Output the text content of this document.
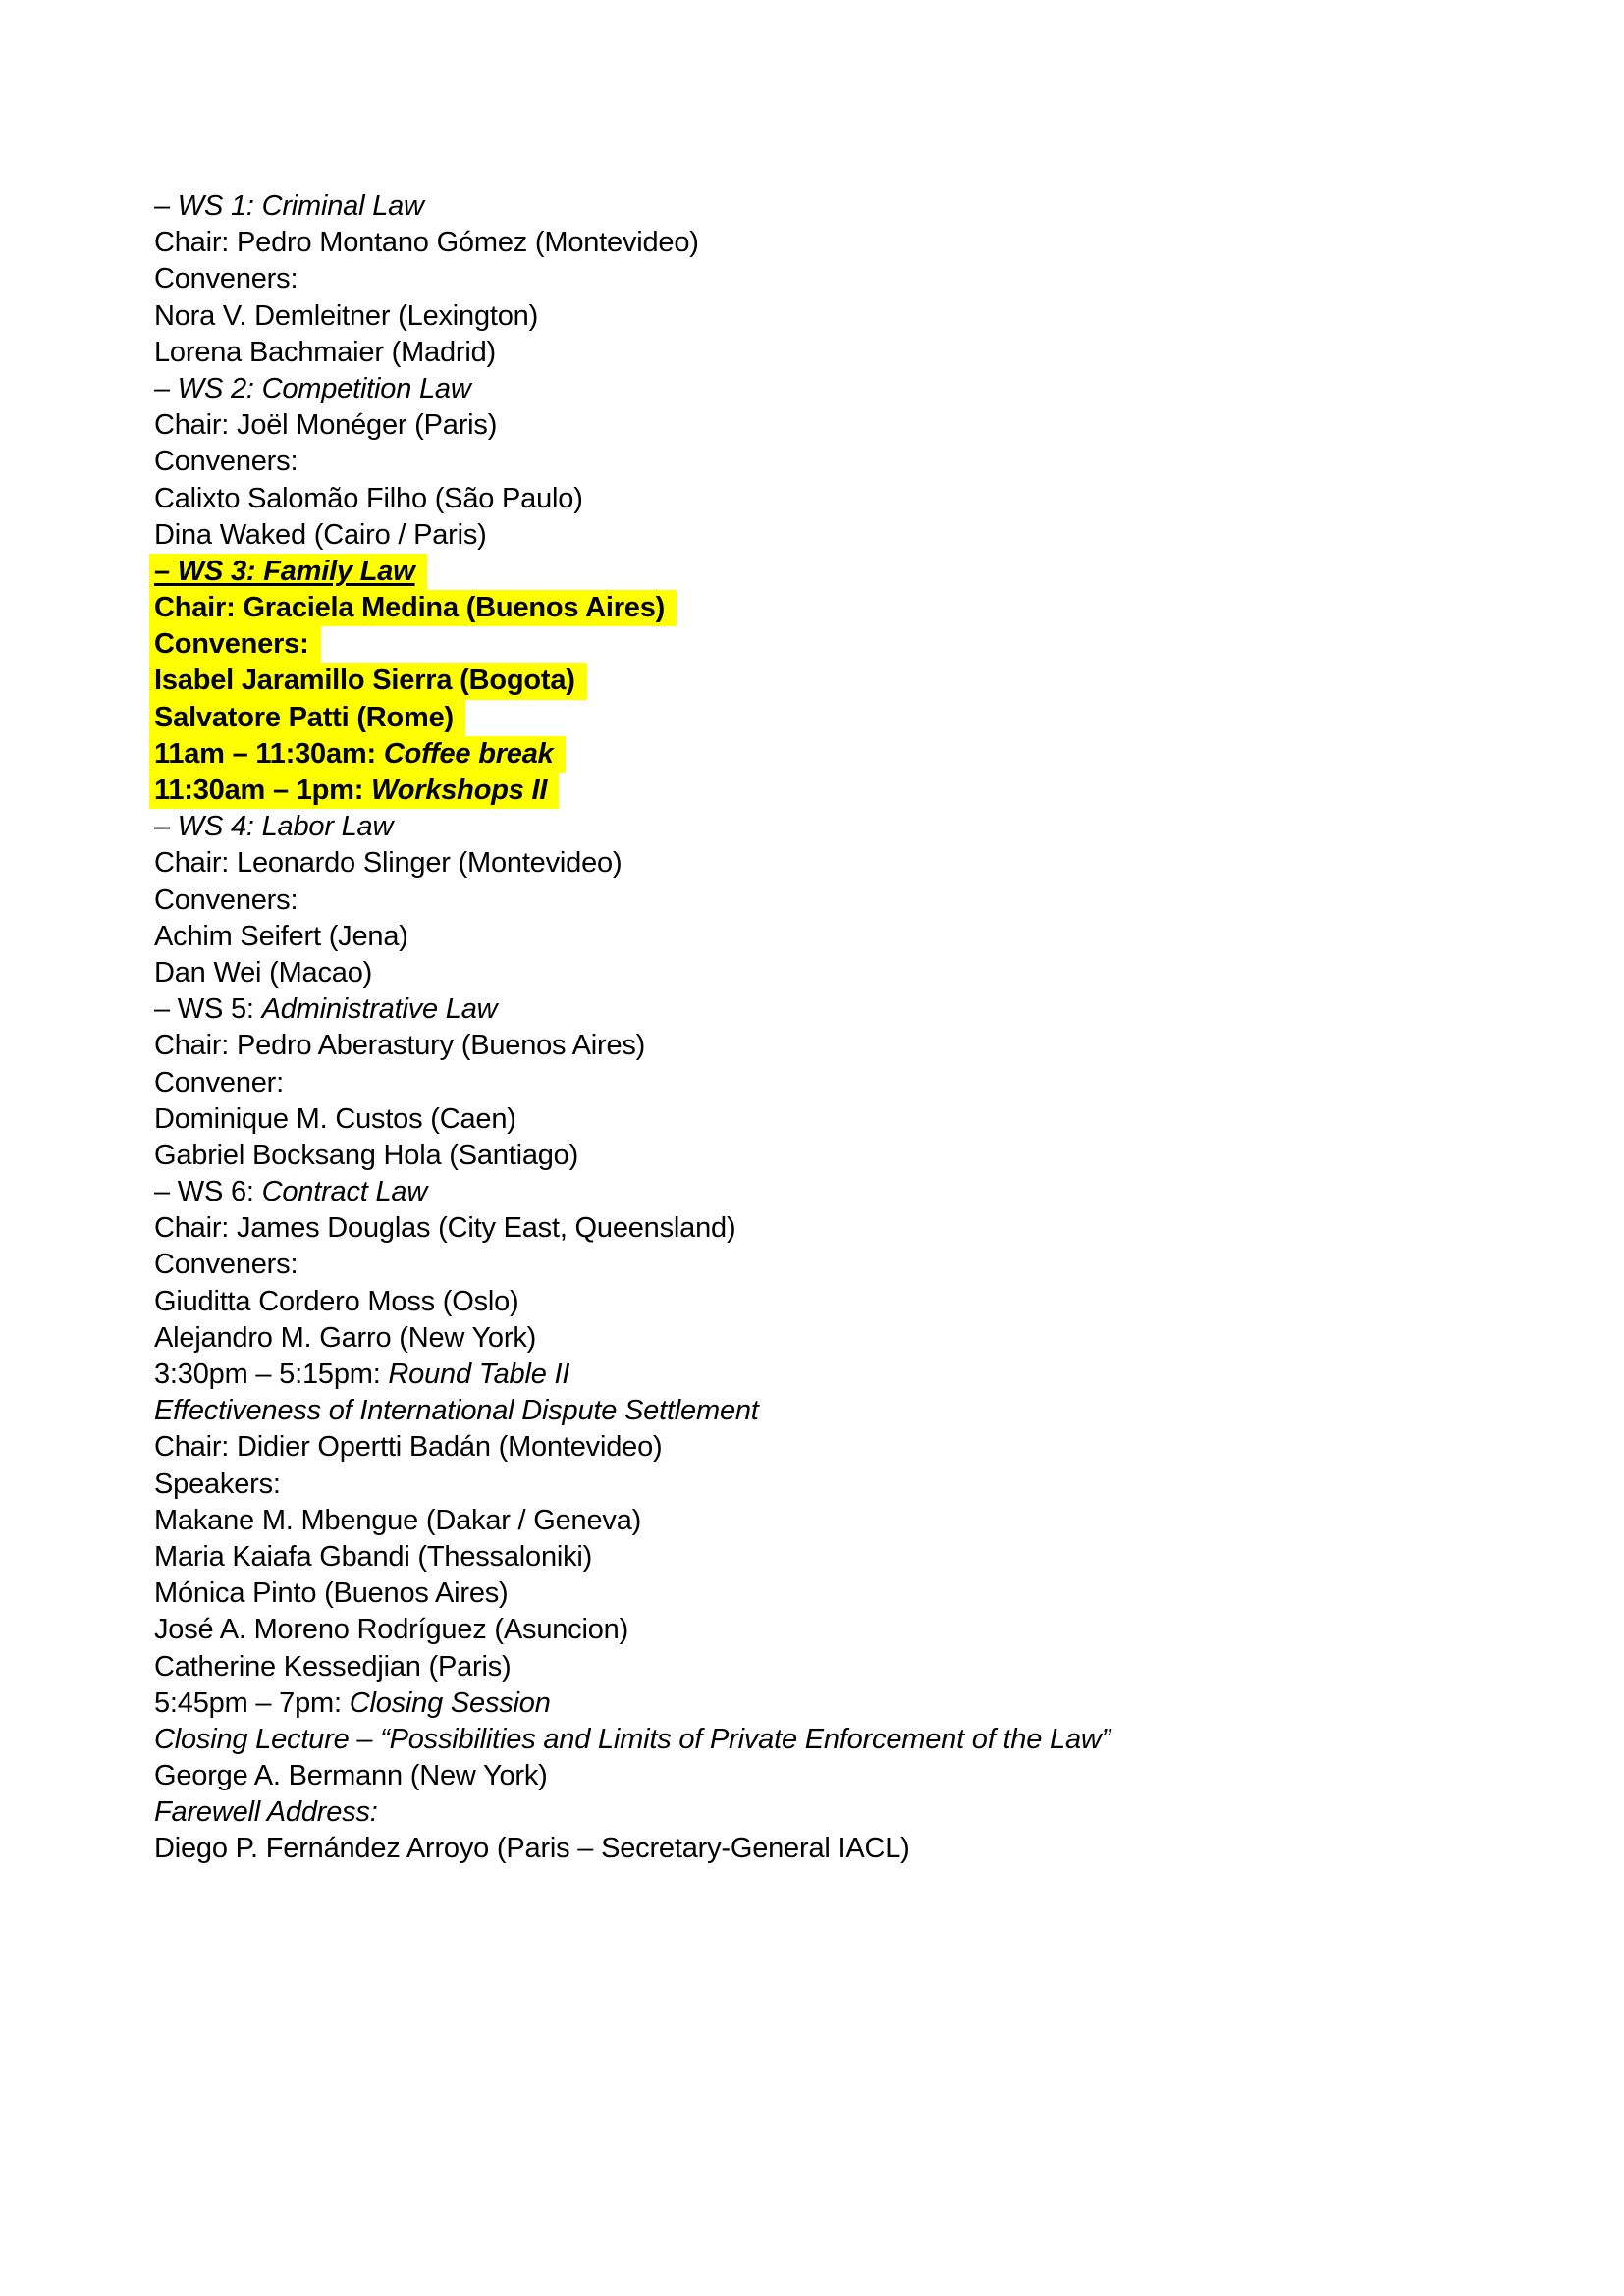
– WS 1: Criminal Law
Chair: Pedro Montano Gómez (Montevideo)
Conveners:
Nora V. Demleitner (Lexington)
Lorena Bachmaier (Madrid)
– WS 2: Competition Law
Chair: Joël Monéger (Paris)
Conveners:
Calixto Salomão Filho (São Paulo)
Dina Waked (Cairo / Paris)
– WS 3: Family Law
Chair: Graciela Medina (Buenos Aires)
Conveners:
Isabel Jaramillo Sierra (Bogota)
Salvatore Patti (Rome)
11am – 11:30am: Coffee break
11:30am – 1pm: Workshops II
– WS 4: Labor Law
Chair: Leonardo Slinger (Montevideo)
Conveners:
Achim Seifert (Jena)
Dan Wei (Macao)
– WS 5: Administrative Law
Chair: Pedro Aberastury (Buenos Aires)
Convener:
Dominique M. Custos (Caen)
Gabriel Bocksang Hola (Santiago)
– WS 6: Contract Law
Chair: James Douglas (City East, Queensland)
Conveners:
Giuditta Cordero Moss (Oslo)
Alejandro M. Garro (New York)
3:30pm – 5:15pm: Round Table II
Effectiveness of International Dispute Settlement
Chair: Didier Opertti Badán (Montevideo)
Speakers:
Makane M. Mbengue (Dakar / Geneva)
Maria Kaiafa Gbandi (Thessaloniki)
Mónica Pinto (Buenos Aires)
José A. Moreno Rodríguez (Asuncion)
Catherine Kessedjian (Paris)
5:45pm – 7pm: Closing Session
Closing Lecture – “Possibilities and Limits of Private Enforcement of the Law”
George A. Bermann (New York)
Farewell Address:
Diego P. Fernández Arroyo (Paris – Secretary-General IACL)
